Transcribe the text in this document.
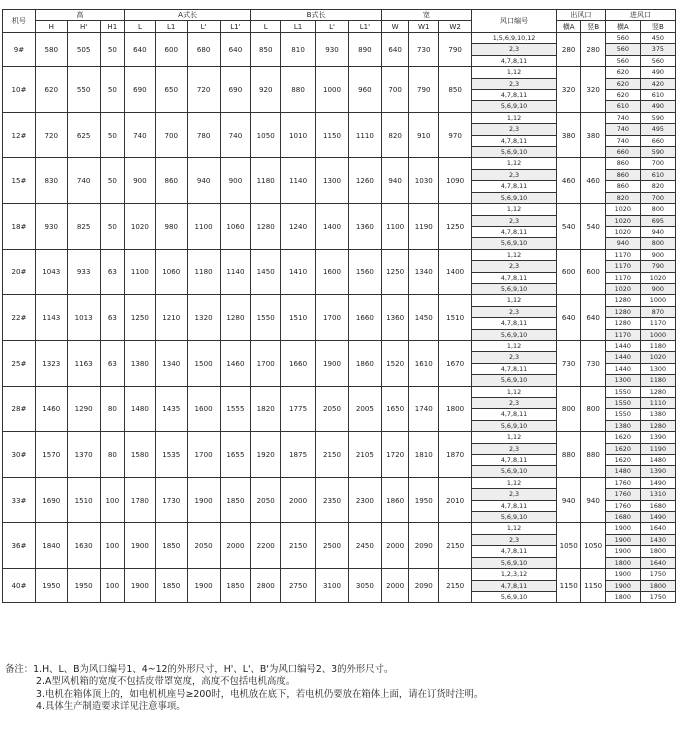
机号	高			A式长				B式长				宽			风口编号	出风口		进风口	
	H	H'	H1	L	L1	L'	L1'	L	L1	L'	L1'	W	W1	W2		横A	竖B	横A	竖B
9#	580	505	50	640	600	680	640	850	810	930	890	640	730	790	1,5,6,9,10,12	280	280	560	450
															2,3			560	375
															4,7,8,11			560	560
10#	620	550	50	690	650	720	690	920	880	1000	960	700	790	850	1,12	320	320	620	490
															2,3			620	420
															4,7,8,11			620	610
															5,6,9,10			610	490
12#	720	625	50	740	700	780	740	1050	1010	1150	1110	820	910	970	1,12	380	380	740	590
															2,3			740	495
															4,7,8,11			740	660
															5,6,9,10			660	590
15#	830	740	50	900	860	940	900	1180	1140	1300	1260	940	1030	1090	1,12	460	460	860	700
															2,3			860	610
															4,7,8,11			860	820
															5,6,9,10			820	700
18#	930	825	50	1020	980	1100	1060	1280	1240	1400	1360	1100	1190	1250	1,12	540	540	1020	800
															2,3			1020	695
															4,7,8,11			1020	940
															5,6,9,10			940	800
20#	1043	933	63	1100	1060	1180	1140	1450	1410	1600	1560	1250	1340	1400	1,12	600	600	1170	900
															2,3			1170	790
															4,7,8,11			1170	1020
															5,6,9,10			1020	900
22#	1143	1013	63	1250	1210	1320	1280	1550	1510	1700	1660	1360	1450	1510	1,12	640	640	1280	1000
															2,3			1280	870
															4,7,8,11			1280	1170
															5,6,9,10			1170	1000
25#	1323	1163	63	1380	1340	1500	1460	1700	1660	1900	1860	1520	1610	1670	1,12	730	730	1440	1180
															2,3			1440	1020
															4,7,8,11			1440	1300
															5,6,9,10			1300	1180
28#	1460	1290	80	1480	1435	1600	1555	1820	1775	2050	2005	1650	1740	1800	1,12	800	800	1550	1280
															2,3			1550	1110
															4,7,8,11			1550	1380
															5,6,9,10			1380	1280
30#	1570	1370	80	1580	1535	1700	1655	1920	1875	2150	2105	1720	1810	1870	1,12	880	880	1620	1390
															2,3			1620	1190
															4,7,8,11			1620	1480
															5,6,9,10			1480	1390
33#	1690	1510	100	1780	1730	1900	1850	2050	2000	2350	2300	1860	1950	2010	1,12	940	940	1760	1490
															2,3			1760	1310
															4,7,8,11			1760	1680
															5,6,9,10			1680	1490
36#	1840	1630	100	1900	1850	2050	2000	2200	2150	2500	2450	2000	2090	2150	1,12	1050	1050	1900	1640
															2,3			1900	1430
															4,7,8,11			1900	1800
															5,6,9,10			1800	1640
40#	1950	1950	100	1900	1850	1900	1850	2800	2750	3100	3050	2000	2090	2150	1,2,3,12	1150	1150	1900	1750
															4,7,8,11			1900	1800
															5,6,9,10			1800	1750
备注：1.H、L、B为风口编号1、4~12的外形尺寸，H'、L'、B'为风口编号2、3的外形尺寸。
2.A型风机箱的宽度不包括皮带罩宽度，高度不包括电机高度。
3.电机在箱体顶上的，如电机机座号≥200时，电机放在底下，若电机仍要放在箱体上面，请在订货时注明。
4.具体生产制造要求详见注意事项。
